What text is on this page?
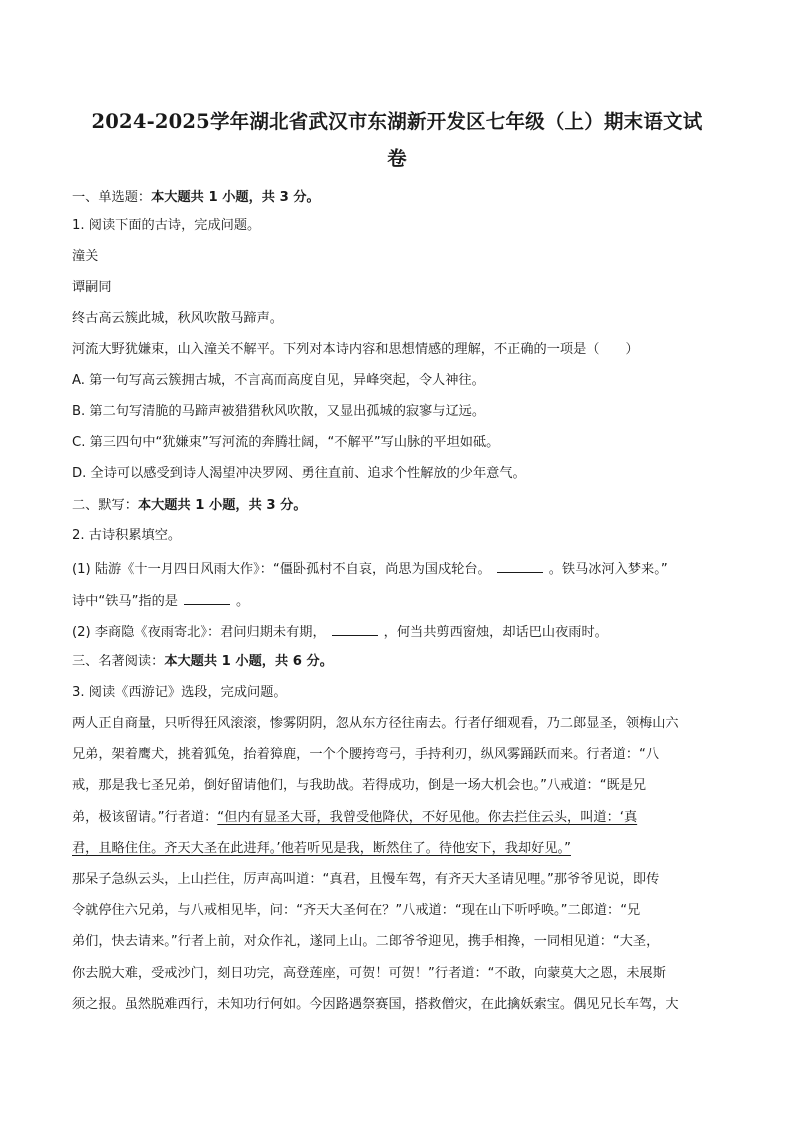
2024-2025学年湖北省武汉市东湖新开发区七年级（上）期末语文试
卷
一、单选题：本大题共 1 小题，共 3 分。
1. 阅读下面的古诗，完成问题。
潼关
谭嗣同
终古高云簇此城，秋风吹散马蹄声。
河流大野犹嫌束，山入潼关不解平。下列对本诗内容和思想情感的理解，不正确的一项是（ ）
A. 第一句写高云簇拥古城，不言高而高度自见，异峰突起，令人神往。
B. 第二句写清脆的马蹄声被猎猎秋风吹散，又显出孤城的寂寥与辽远。
C. 第三四句中“犹嫌束”写河流的奔腾壮阔，“不解平”写山脉的平坦如砥。
D. 全诗可以感受到诗人渴望冲决罗网、勇往直前、追求个性解放的少年意气。
二、默写：本大题共 1 小题，共 3 分。
2. 古诗积累填空。
(1) 陆游《十一月四日风雨大作》：“僵卧孤村不自哀，尚思为国戍轮台。	。铁马冰河入梦来。”
诗中“铁马”指的是	。
(2) 李商隐《夜雨寄北》：君问归期未有期，	，何当共剪西窗烛，却话巴山夜雨时。
三、名著阅读：本大题共 1 小题，共 6 分。
3. 阅读《西游记》选段，完成问题。
两人正自商量，只听得狂风滚滚，惨雾阴阴，忽从东方径往南去。行者仔细观看，乃二郎显圣，领梅山六
兄弟，架着鹰犬，挑着狐兔，抬着獐鹿，一个个腰挎弯弓，手持利刃，纵风雾踊跃而来。行者道：“八
戒，那是我七圣兄弟，倒好留请他们，与我助战。若得成功，倒是一场大机会也。”八戒道：“既是兄
弟，极该留请。”行者道：“但内有显圣大哥，我曾受他降伏，不好见他。你去拦住云头，叫道：‘真
君，且略住住。齐天大圣在此进拜。’他若听见是我，断然住了。待他安下，我却好见。”
那呆子急纵云头，上山拦住，厉声高叫道：“真君，且慢车驾，有齐天大圣请见哩。”那爷爷见说，即传
令就停住六兄弟，与八戒相见毕，问：“齐天大圣何在？”八戒道：“现在山下听呼唤。”二郎道：“兄
弟们，快去请来。”行者上前，对众作礼，遂同上山。二郎爷爷迎见，携手相搀，一同相见道：“大圣，
你去脱大难，受戒沙门，刻日功完，高登莲座，可贺！可贺！”行者道：“不敢，向蒙莫大之恩，未展斯
须之报。虽然脱难西行，未知功行何如。今因路遇祭赛国，搭救僧灾，在此擒妖索宝。偶见兄长车驾，大
